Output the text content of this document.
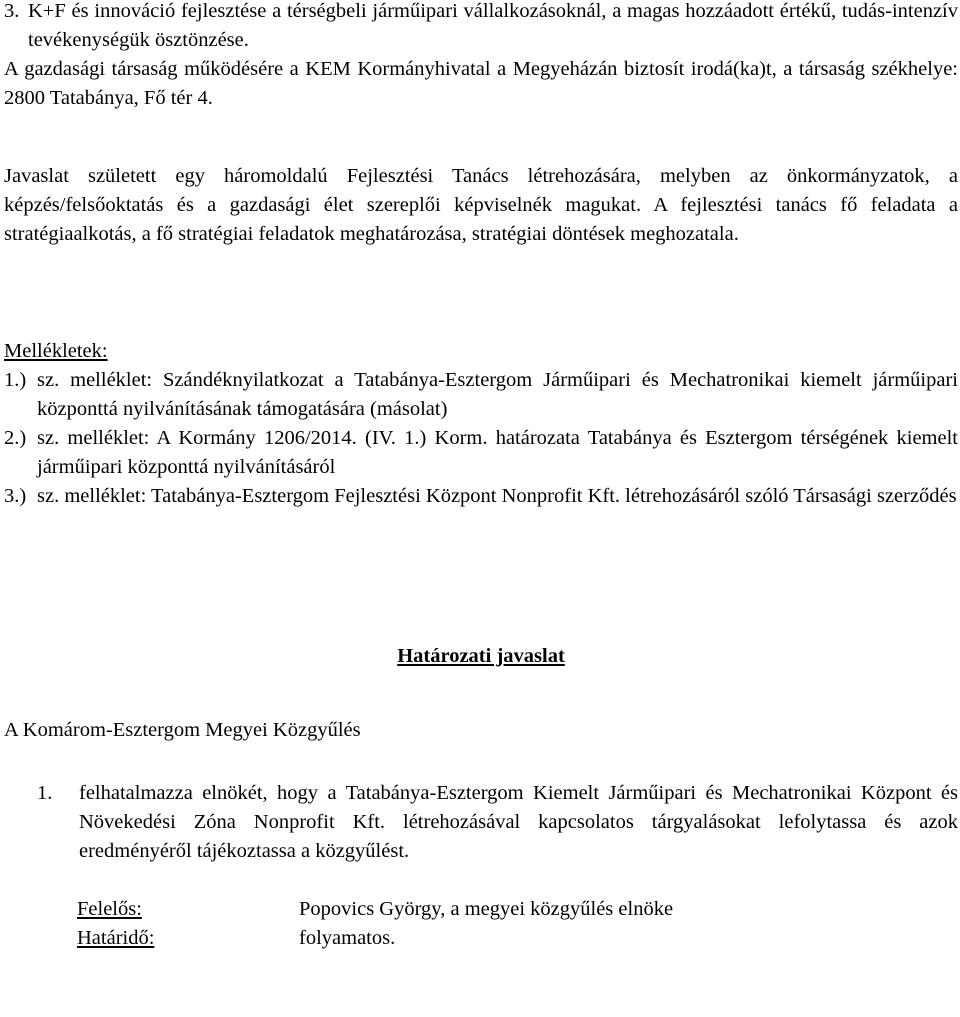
3. K+F és innováció fejlesztése a térségbeli járműipari vállalkozásoknál, a magas hozzáadott értékű, tudás-intenzív tevékenységük ösztönzése.

A gazdasági társaság működésére a KEM Kormányhivatal a Megyeházán biztosít irodá(ka)t, a társaság székhelye: 2800 Tatabánya, Fő tér 4.

Javaslat született egy háromoldalú Fejlesztési Tanács létrehozására, melyben az önkormányzatok, a képzés/felsőoktatás és a gazdasági élet szereplői képviselnék magukat. A fejlesztési tanács fő feladata a stratégiaalkotás, a fő stratégiai feladatok meghatározása, stratégiai döntések meghozatala.

Mellékletek:
1.) sz. melléklet: Szándéknyilatkozat a Tatabánya-Esztergom Járműipari és Mechatronikai kiemelt járműipari központtá nyilvánításának támogatására (másolat)
2.) sz. melléklet: A Kormány 1206/2014. (IV. 1.) Korm. határozata Tatabánya és Esztergom térségének kiemelt járműipari központtá nyilvánításáról
3.) sz. melléklet: Tatabánya-Esztergom Fejlesztési Központ Nonprofit Kft. létrehozásáról szóló Társasági szerződés
Határozati javaslat
A Komárom-Esztergom Megyei Közgyűlés
1.	felhatalmazza elnökét, hogy a Tatabánya-Esztergom Kiemelt Járműipari és Mechatronikai Központ és Növekedési Zóna Nonprofit Kft. létrehozásával kapcsolatos tárgyalásokat lefolytassa és azok eredményéről tájékoztassa a közgyűlést.
Felelős:	Popovics György, a megyei közgyűlés elnöke
Határidő:	folyamatos.
